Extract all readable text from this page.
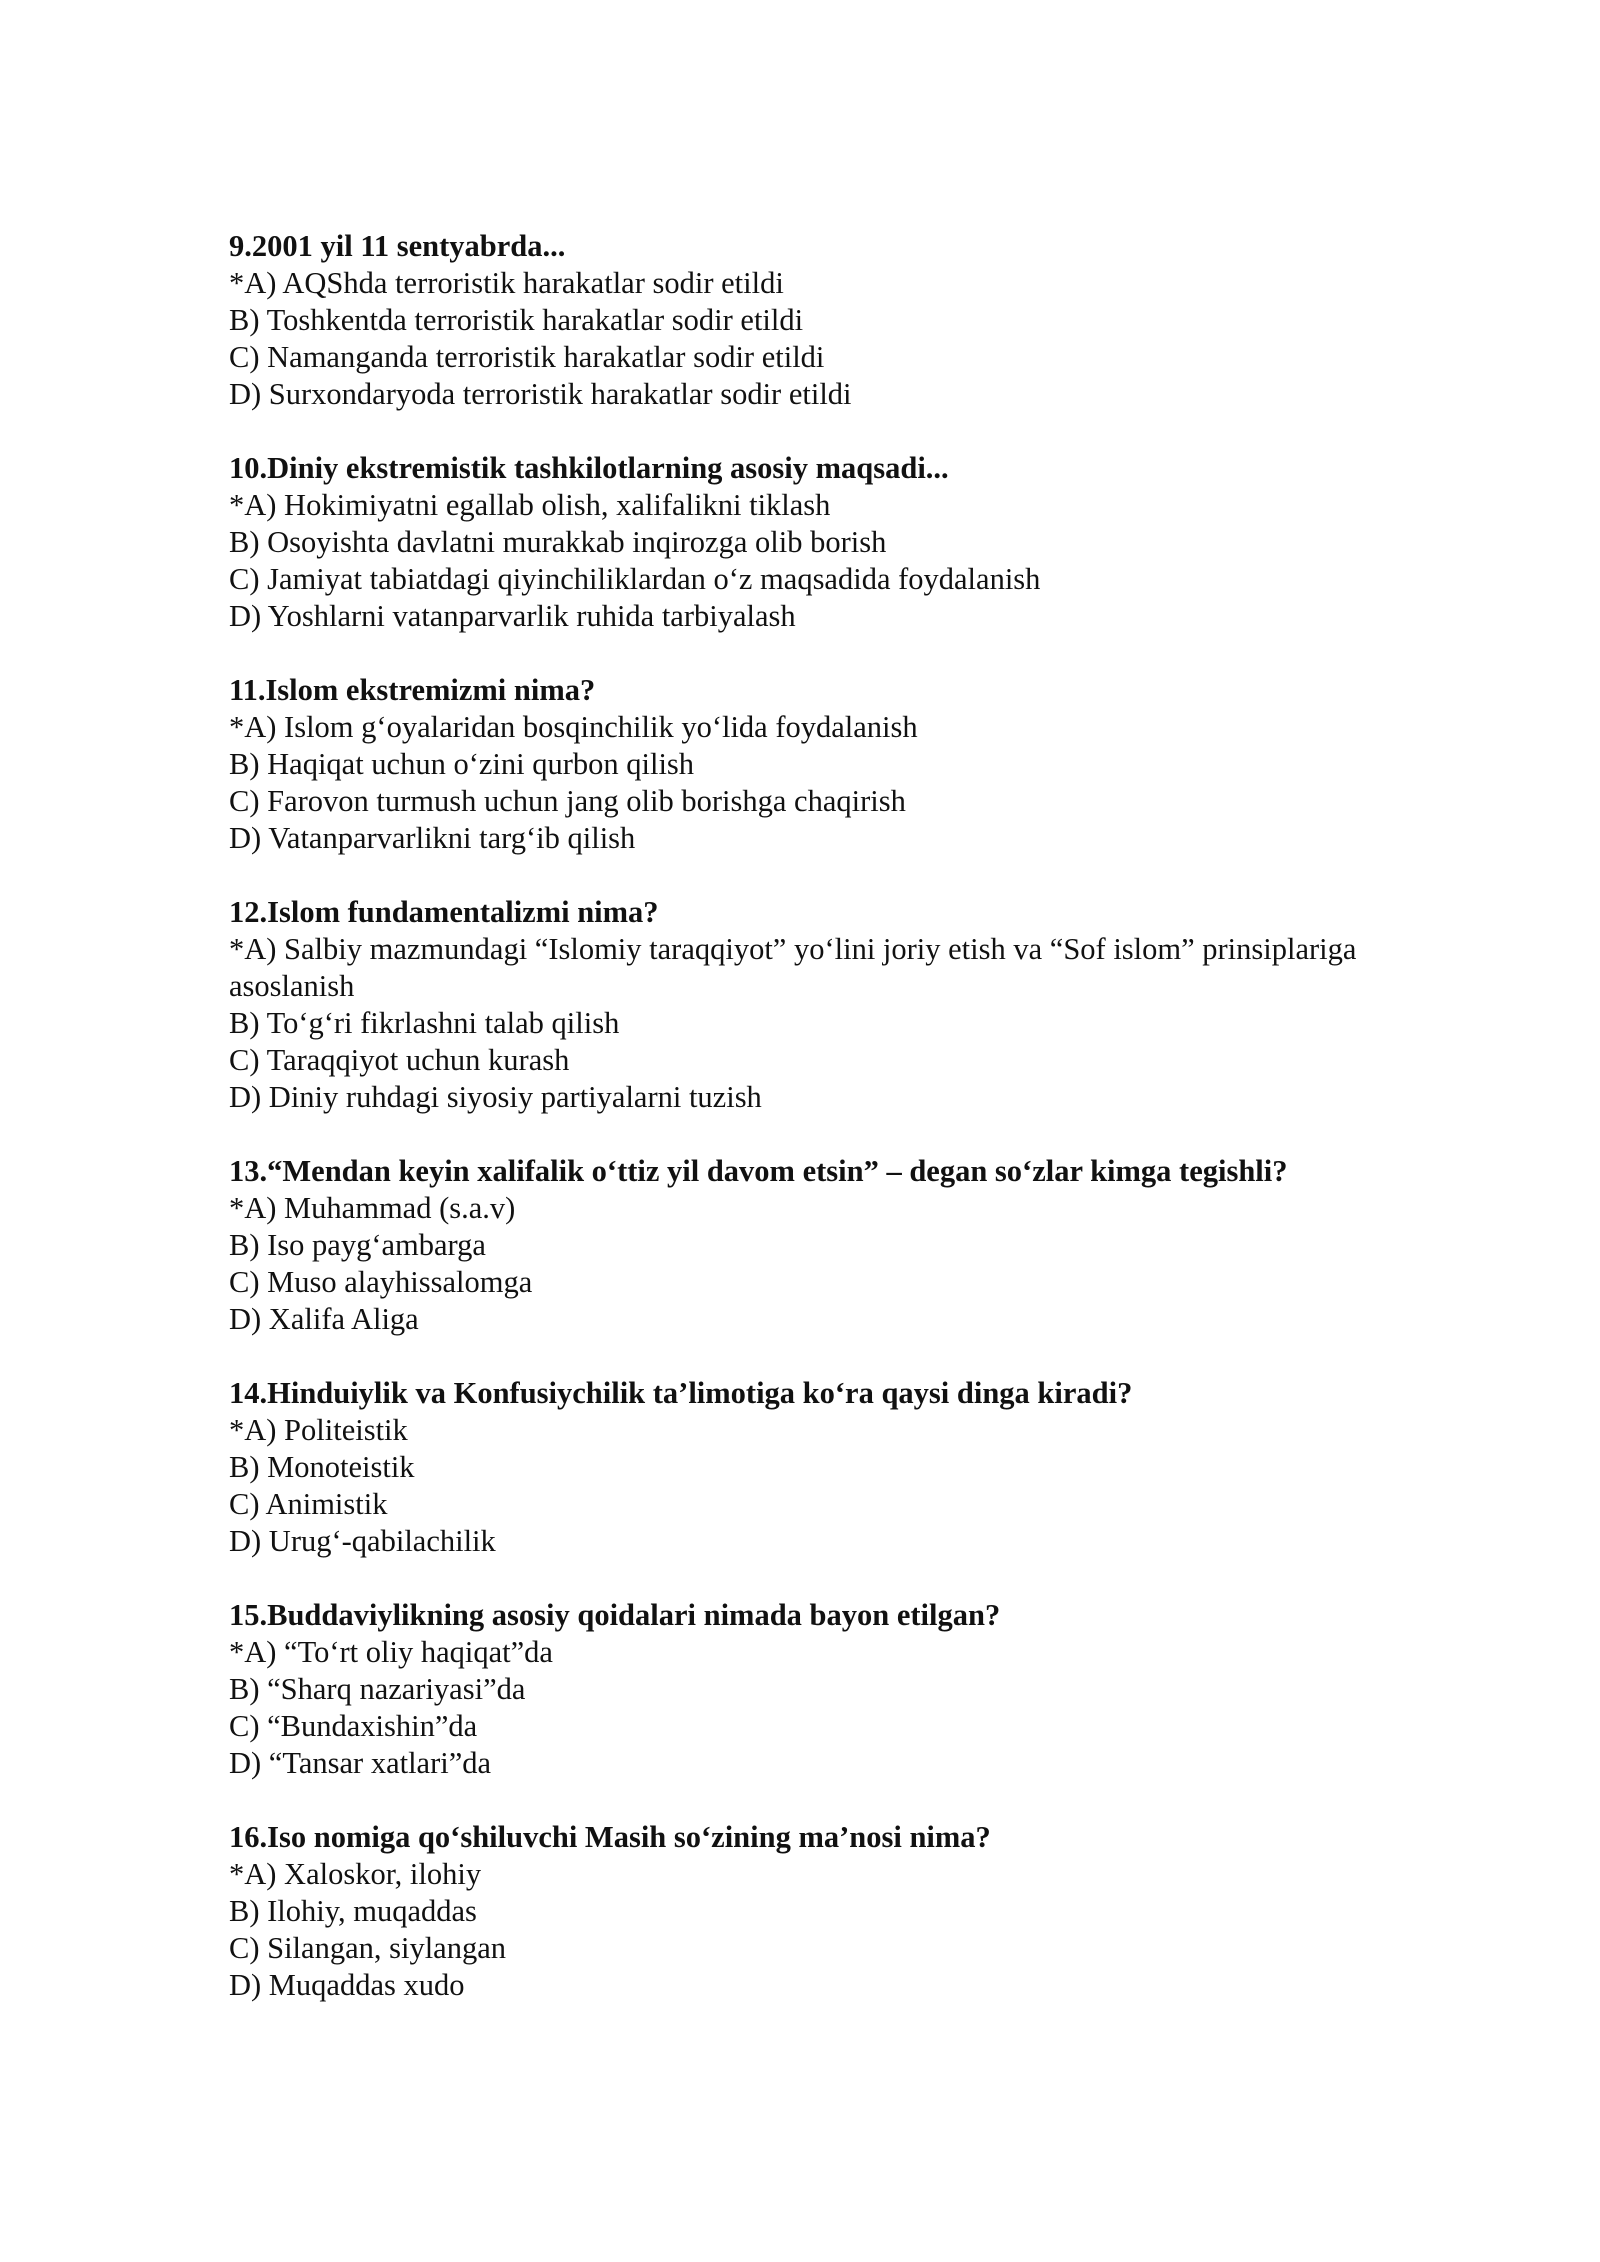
9.2001 yil 11 sentyabrda...

*A) AQShda terroristik harakatlar sodir etildi

B) Toshkentda terroristik harakatlar sodir etildi

C) Namanganda terroristik harakatlar sodir etildi

D) Surxondaryoda terroristik harakatlar sodir etildi

10.Diniy ekstremistik tashkilotlarning asosiy maqsadi...

*A) Hokimiyatni egallab olish, xalifalikni tiklash

B) Osoyishta davlatni murakkab inqirozga olib borish

C) Jamiyat tabiatdagi qiyinchiliklardan o‘z maqsadida foydalanish

D) Yoshlarni vatanparvarlik ruhida tarbiyalash

11.Islom ekstremizmi nima?

*A) Islom g‘oyalaridan bosqinchilik yo‘lida foydalanish

B) Haqiqat uchun o‘zini qurbon qilish

C) Farovon turmush uchun jang olib borishga chaqirish

D) Vatanparvarlikni targ‘ib qilish

12.Islom fundamentalizmi nima?

*A) Salbiy mazmundagi “Islomiy taraqqiyot” yo‘lini joriy etish va “Sof islom” prinsiplariga asoslanish

B) To‘g‘ri fikrlashni talab qilish

C) Taraqqiyot uchun kurash

D) Diniy ruhdagi siyosiy partiyalarni tuzish

13.“Mendan keyin xalifalik o‘ttiz yil davom etsin” – degan so‘zlar kimga tegishli?

*A) Muhammad (s.a.v)

B) Iso payg‘ambarga

C) Muso alayhissalomga

D) Xalifa Aliga

14.Hinduiylik va Konfusiychilik ta’limotiga ko‘ra qaysi dinga kiradi?

*A) Politeistik

B) Monoteistik

C) Animistik

D) Urug‘-qabilachilik

15.Buddaviylikning asosiy qoidalari nimada bayon etilgan?

*A) “To‘rt oliy haqiqat”da

B) “Sharq nazariyasi”da

C) “Bundaxishin”da

D) “Tansar xatlari”da

16.Iso nomiga qo‘shiluvchi Masih so‘zining ma’nosi nima?

*A) Xaloskor, ilohiy

B) Ilohiy, muqaddas

C) Silangan, siylangan

D) Muqaddas xudo
